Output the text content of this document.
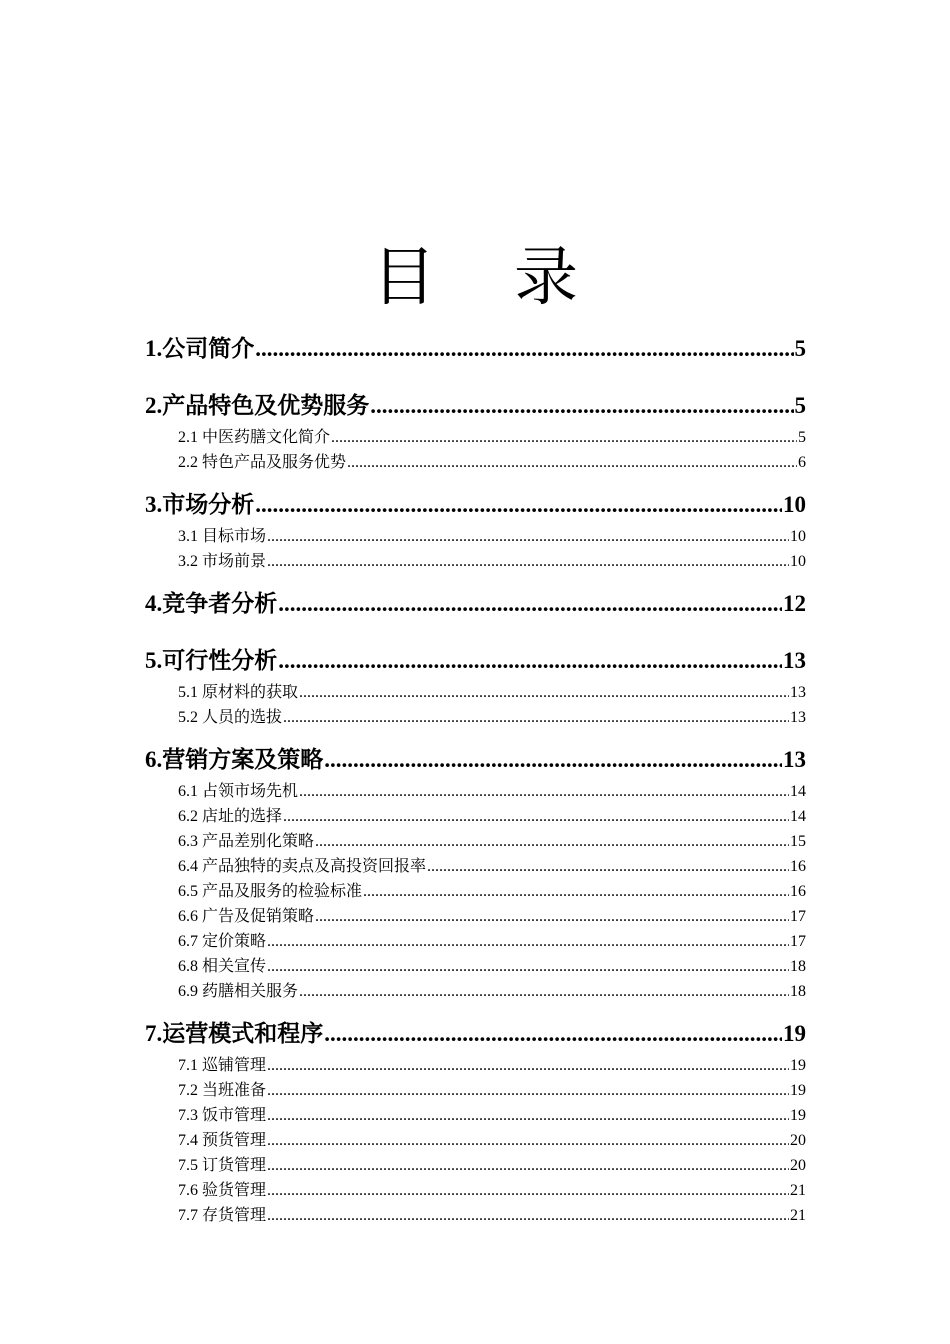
目 录
1.公司简介 .....	5
2.产品特色及优势服务 .....	5
2.1 中医药膳文化简介 .....	5
2.2 特色产品及服务优势 .....	6
3.市场分析 .....	10
3.1 目标市场 .....	10
3.2 市场前景 .....	10
4.竞争者分析 .....	12
5.可行性分析 .....	13
5.1 原材料的获取 .....	13
5.2 人员的选拔 .....	13
6.营销方案及策略 .....	13
6.1 占领市场先机 .....	14
6.2 店址的选择 .....	14
6.3 产品差别化策略 .....	15
6.4 产品独特的卖点及高投资回报率 .....	16
6.5 产品及服务的检验标准 .....	16
6.6 广告及促销策略 .....	17
6.7 定价策略 .....	17
6.8 相关宣传 .....	18
6.9 药膳相关服务 .....	18
7.运营模式和程序 .....	19
7.1 巡铺管理 .....	19
7.2 当班准备 .....	19
7.3 饭市管理 .....	19
7.4 预货管理 .....	20
7.5 订货管理 .....	20
7.6 验货管理 .....	21
7.7 存货管理 .....	21
